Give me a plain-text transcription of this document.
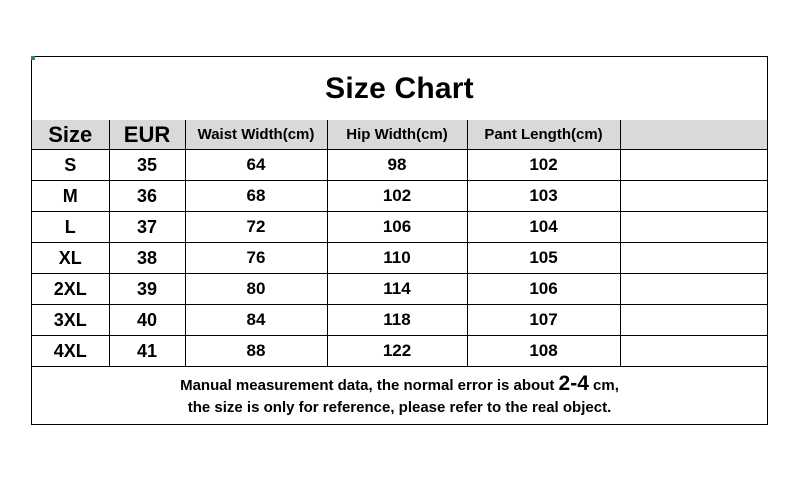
Size Chart
Size	EUR	Waist Width(cm)	Hip Width(cm)	Pant Length(cm)	
S	35	64	98	102	
M	36	68	102	103	
L	37	72	106	104	
XL	38	76	110	105	
2XL	39	80	114	106	
3XL	40	84	118	107	
4XL	41	88	122	108	
Manual measurement data, the normal error is about 2-4 cm,
the size is only for reference, please refer to the real object.
